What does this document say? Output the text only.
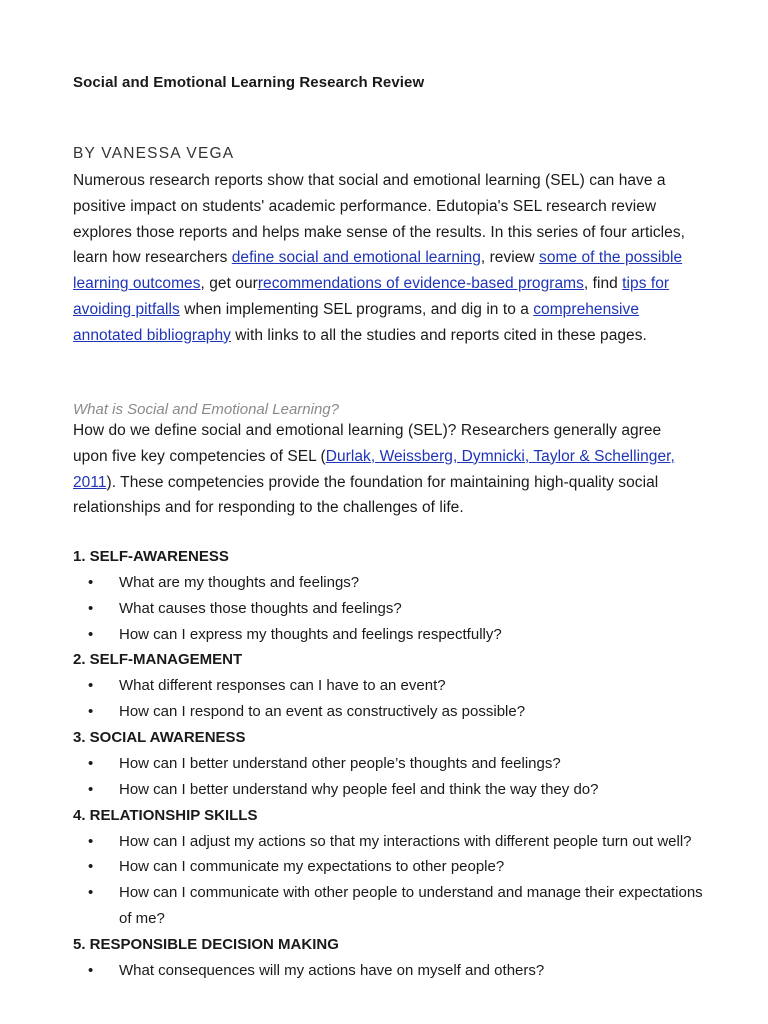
Social and Emotional Learning Research Review
BY VANESSA VEGA
Numerous research reports show that social and emotional learning (SEL) can have a positive impact on students' academic performance. Edutopia's SEL research review explores those reports and helps make sense of the results. In this series of four articles, learn how researchers define social and emotional learning, review some of the possible learning outcomes, get ourrecommendations of evidence-based programs, find tips for avoiding pitfalls when implementing SEL programs, and dig in to a comprehensive annotated bibliography with links to all the studies and reports cited in these pages.
What is Social and Emotional Learning?
How do we define social and emotional learning (SEL)? Researchers generally agree upon five key competencies of SEL (Durlak, Weissberg, Dymnicki, Taylor & Schellinger, 2011). These competencies provide the foundation for maintaining high-quality social relationships and for responding to the challenges of life.
1. SELF-AWARENESS
• What are my thoughts and feelings?
• What causes those thoughts and feelings?
• How can I express my thoughts and feelings respectfully?
2. SELF-MANAGEMENT
• What different responses can I have to an event?
• How can I respond to an event as constructively as possible?
3. SOCIAL AWARENESS
• How can I better understand other people’s thoughts and feelings?
• How can I better understand why people feel and think the way they do?
4. RELATIONSHIP SKILLS
• How can I adjust my actions so that my interactions with different people turn out well?
• How can I communicate my expectations to other people?
• How can I communicate with other people to understand and manage their expectations of me?
5. RESPONSIBLE DECISION MAKING
• What consequences will my actions have on myself and others?
